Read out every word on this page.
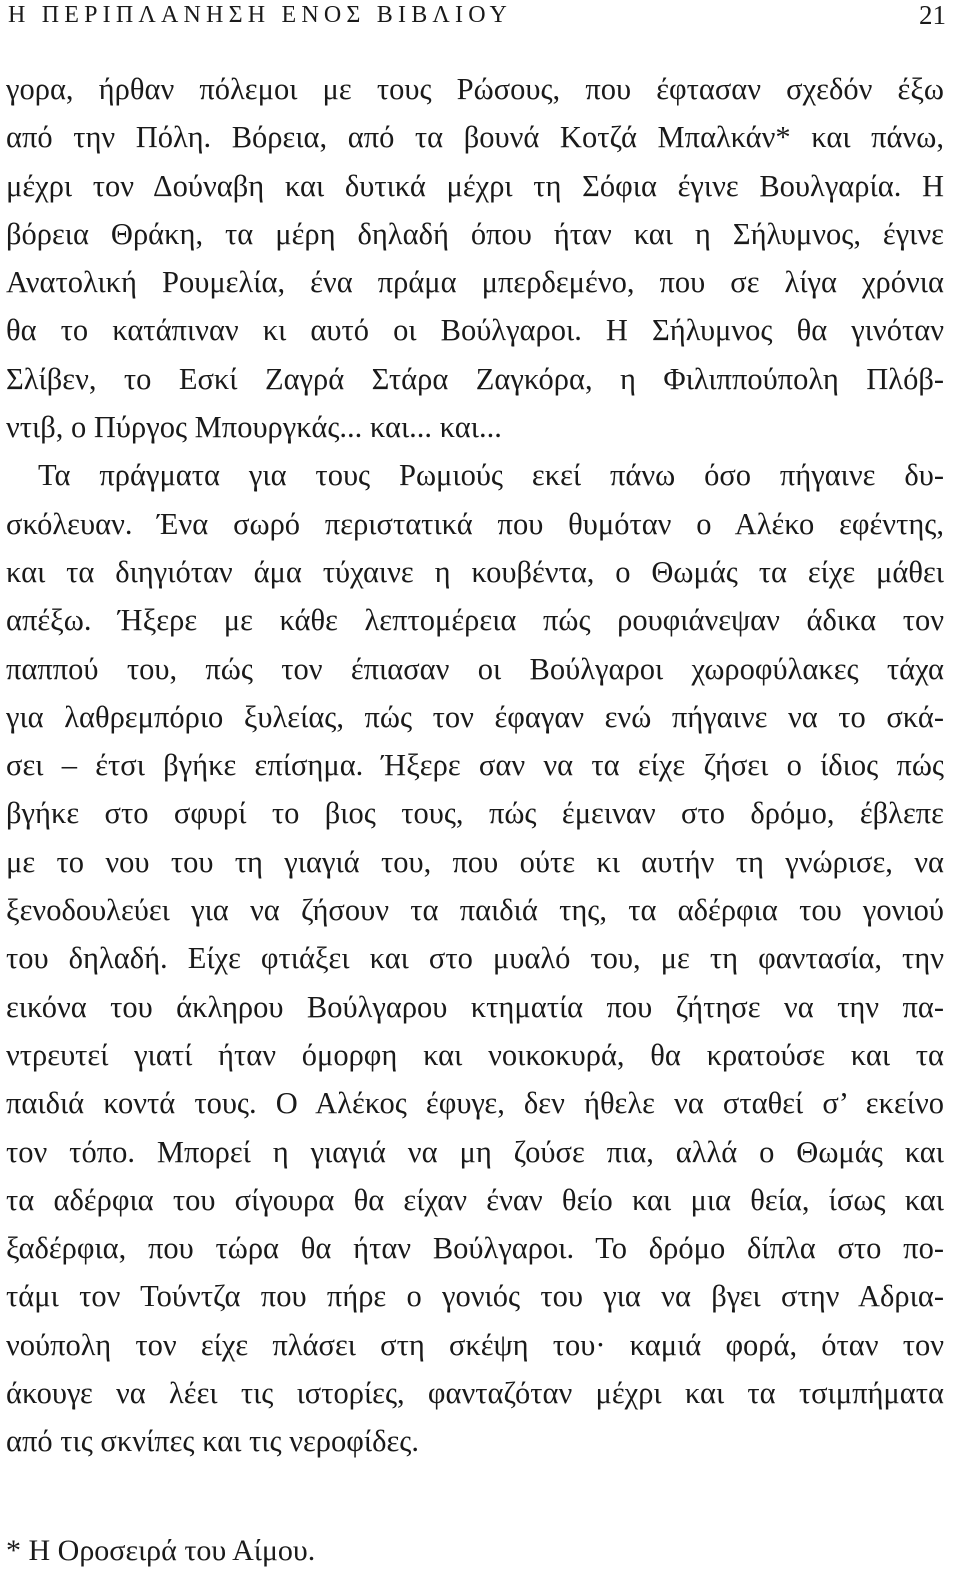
Η ΠΕΡΙΠΛΑΝΗΣΗ ΕΝΟΣ ΒΙΒΛΙΟΥ	21
γορα, ήρθαν πόλεμοι με τους Ρώσους, που έφτασαν σχεδόν έξω
από την Πόλη. Βόρεια, από τα βουνά Κοτζά Μπαλκάν* και πάνω,
μέχρι τον Δούναβη και δυτικά μέχρι τη Σόφια έγινε Βουλγαρία. Η
βόρεια Θράκη, τα μέρη δηλαδή όπου ήταν και η Σήλυμνος, έγινε
Ανατολική Ρουμελία, ένα πράμα μπερδεμένο, που σε λίγα χρόνια
θα το κατάπιναν κι αυτό οι Βούλγαροι. Η Σήλυμνος θα γινόταν
Σλίβεν, το Εσκί Ζαγρά Στάρα Ζαγκόρα, η Φιλιππούπολη Πλόβ-
ντιβ, ο Πύργος Μπουργκάς... και... και...
Τα πράγματα για τους Ρωμιούς εκεί πάνω όσο πήγαινε δυ-
σκόλευαν. Ένα σωρό περιστατικά που θυμόταν ο Αλέκο εφέντης,
και τα διηγιόταν άμα τύχαινε η κουβέντα, ο Θωμάς τα είχε μάθει
απέξω. Ήξερε με κάθε λεπτομέρεια πώς ρουφιάνεψαν άδικα τον
παππού του, πώς τον έπιασαν οι Βούλγαροι χωροφύλακες τάχα
για λαθρεμπόριο ξυλείας, πώς τον έφαγαν ενώ πήγαινε να το σκά-
σει – έτσι βγήκε επίσημα. Ήξερε σαν να τα είχε ζήσει ο ίδιος πώς
βγήκε στο σφυρί το βιος τους, πώς έμειναν στο δρόμο, έβλεπε
με το νου του τη γιαγιά του, που ούτε κι αυτήν τη γνώρισε, να
ξενοδουλεύει για να ζήσουν τα παιδιά της, τα αδέρφια του γονιού
του δηλαδή. Είχε φτιάξει και στο μυαλό του, με τη φαντασία, την
εικόνα του άκληρου Βούλγαρου κτηματία που ζήτησε να την πα-
ντρευτεί γιατί ήταν όμορφη και νοικοκυρά, θα κρατούσε και τα
παιδιά κοντά τους. Ο Αλέκος έφυγε, δεν ήθελε να σταθεί σ’ εκείνο
τον τόπο. Μπορεί η γιαγιά να μη ζούσε πια, αλλά ο Θωμάς και
τα αδέρφια του σίγουρα θα είχαν έναν θείο και μια θεία, ίσως και
ξαδέρφια, που τώρα θα ήταν Βούλγαροι. Το δρόμο δίπλα στο πο-
τάμι τον Τούντζα που πήρε ο γονιός του για να βγει στην Αδρια-
νούπολη τον είχε πλάσει στη σκέψη του· καμιά φορά, όταν τον
άκουγε να λέει τις ιστορίες, φανταζόταν μέχρι και τα τσιμπήματα
από τις σκνίπες και τις νεροφίδες.
* Η Οροσειρά του Αίμου.
